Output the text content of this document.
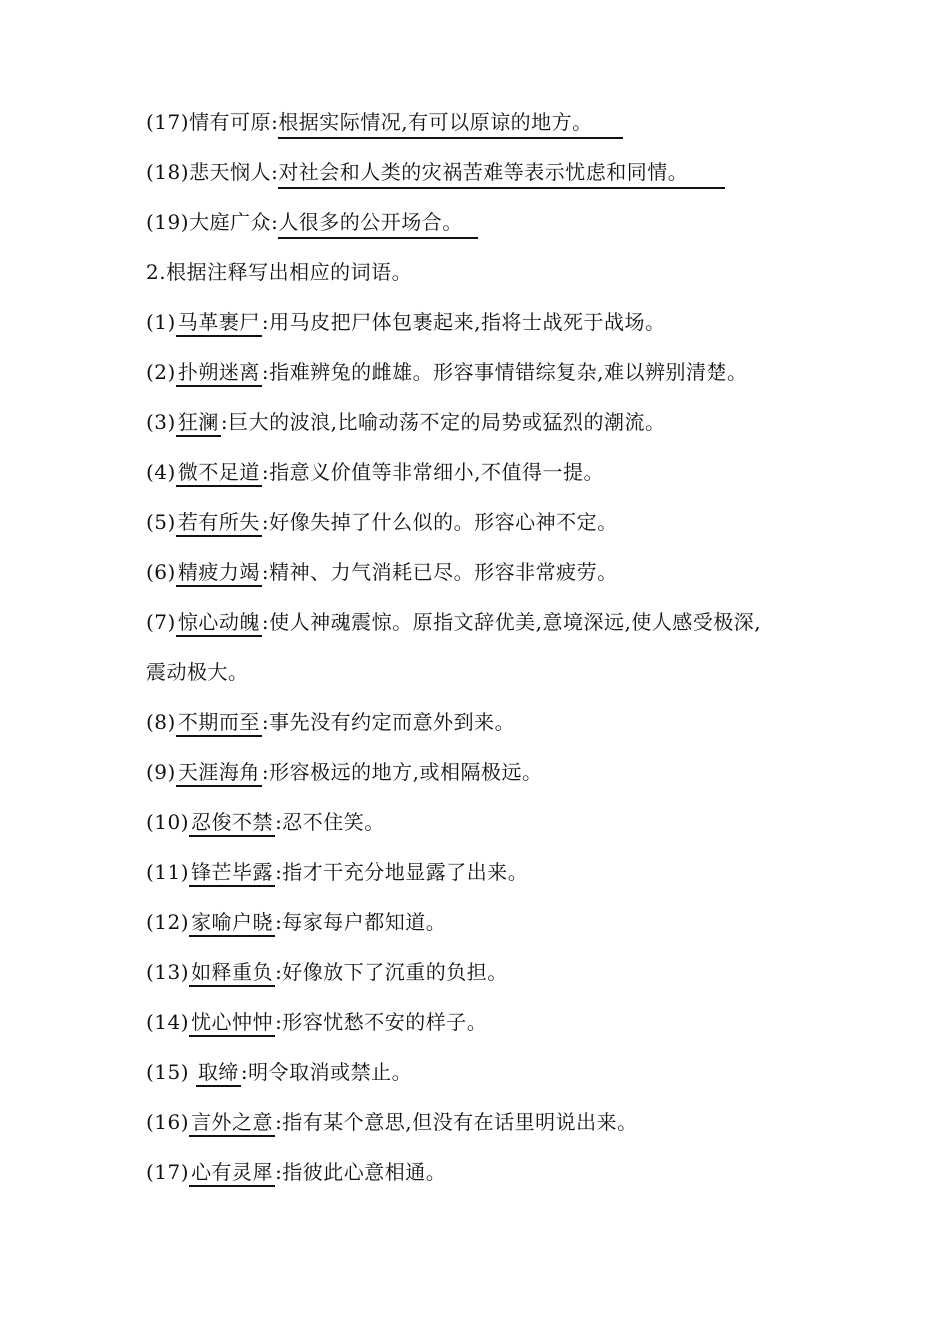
(17)情有可原:根据实际情况,有可以原谅的地方。
(18)悲天悯人:对社会和人类的灾祸苦难等表示忧虑和同情。
(19)大庭广众:人很多的公开场合。
2.根据注释写出相应的词语。
(1) 马革裹尸 :用马皮把尸体包裹起来,指将士战死于战场。
(2) 扑朔迷离 :指难辨兔的雌雄。形容事情错综复杂,难以辨别清楚。
(3) 狂澜 :巨大的波浪,比喻动荡不定的局势或猛烈的潮流。
(4) 微不足道 :指意义价值等非常细小,不值得一提。
(5) 若有所失 :好像失掉了什么似的。形容心神不定。
(6) 精疲力竭 :精神、力气消耗已尽。形容非常疲劳。
(7) 惊心动魄 :使人神魂震惊。原指文辞优美,意境深远,使人感受极深,
震动极大。
(8) 不期而至 :事先没有约定而意外到来。
(9) 天涯海角 :形容极远的地方,或相隔极远。
(10) 忍俊不禁 :忍不住笑。
(11) 锋芒毕露 :指才干充分地显露了出来。
(12) 家喻户晓 :每家每户都知道。
(13) 如释重负 :好像放下了沉重的负担。
(14) 忧心忡忡 :形容忧愁不安的样子。
(15) 取缔 :明令取消或禁止。
(16) 言外之意 :指有某个意思,但没有在话里明说出来。
(17) 心有灵犀 :指彼此心意相通。
